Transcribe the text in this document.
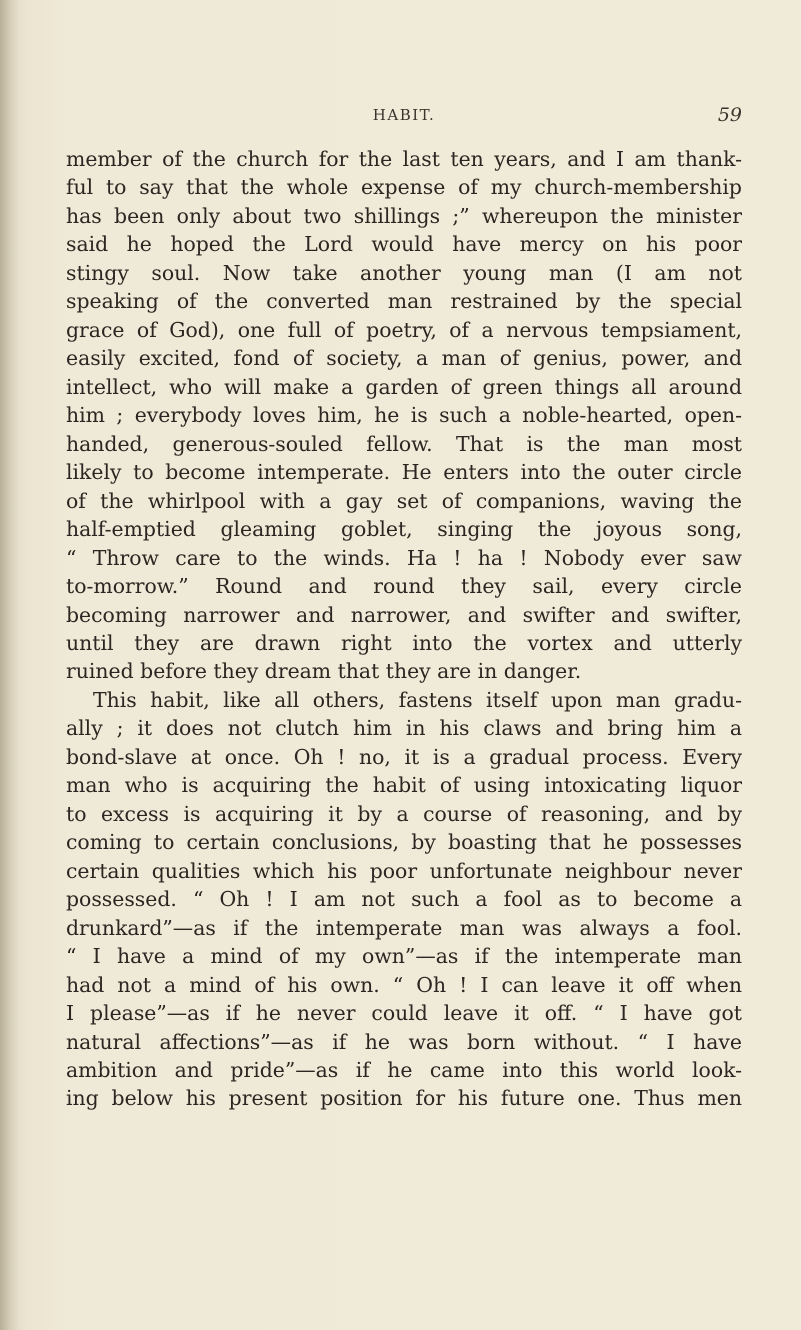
HABIT.	59
member of the church for the last ten years, and I am thank-
ful to say that the whole expense of my church-membership
has been only about two shillings ;” whereupon the minister
said he hoped the Lord would have mercy on his poor
stingy soul. Now take another young man (I am not
speaking of the converted man restrained by the special
grace of God), one full of poetry, of a nervous tempsiament,
easily excited, fond of society, a man of genius, power, and
intellect, who will make a garden of green things all around
him ; everybody loves him, he is such a noble-hearted, open-
handed, generous-souled fellow. That is the man most
likely to become intemperate. He enters into the outer circle
of the whirlpool with a gay set of companions, waving the
half-emptied gleaming goblet, singing the joyous song,
“ Throw care to the winds. Ha ! ha ! Nobody ever saw
to-morrow.” Round and round they sail, every circle
becoming narrower and narrower, and swifter and swifter,
until they are drawn right into the vortex and utterly
ruined before they dream that they are in danger.
This habit, like all others, fastens itself upon man gradu-
ally ; it does not clutch him in his claws and bring him a
bond-slave at once. Oh ! no, it is a gradual process. Every
man who is acquiring the habit of using intoxicating liquor
to excess is acquiring it by a course of reasoning, and by
coming to certain conclusions, by boasting that he possesses
certain qualities which his poor unfortunate neighbour never
possessed. “ Oh ! I am not such a fool as to become a
drunkard”—as if the intemperate man was always a fool.
“ I have a mind of my own”—as if the intemperate man
had not a mind of his own. “ Oh ! I can leave it off when
I please”—as if he never could leave it off. “ I have got
natural affections”—as if he was born without. “ I have
ambition and pride”—as if he came into this world look-
ing below his present position for his future one. Thus men
